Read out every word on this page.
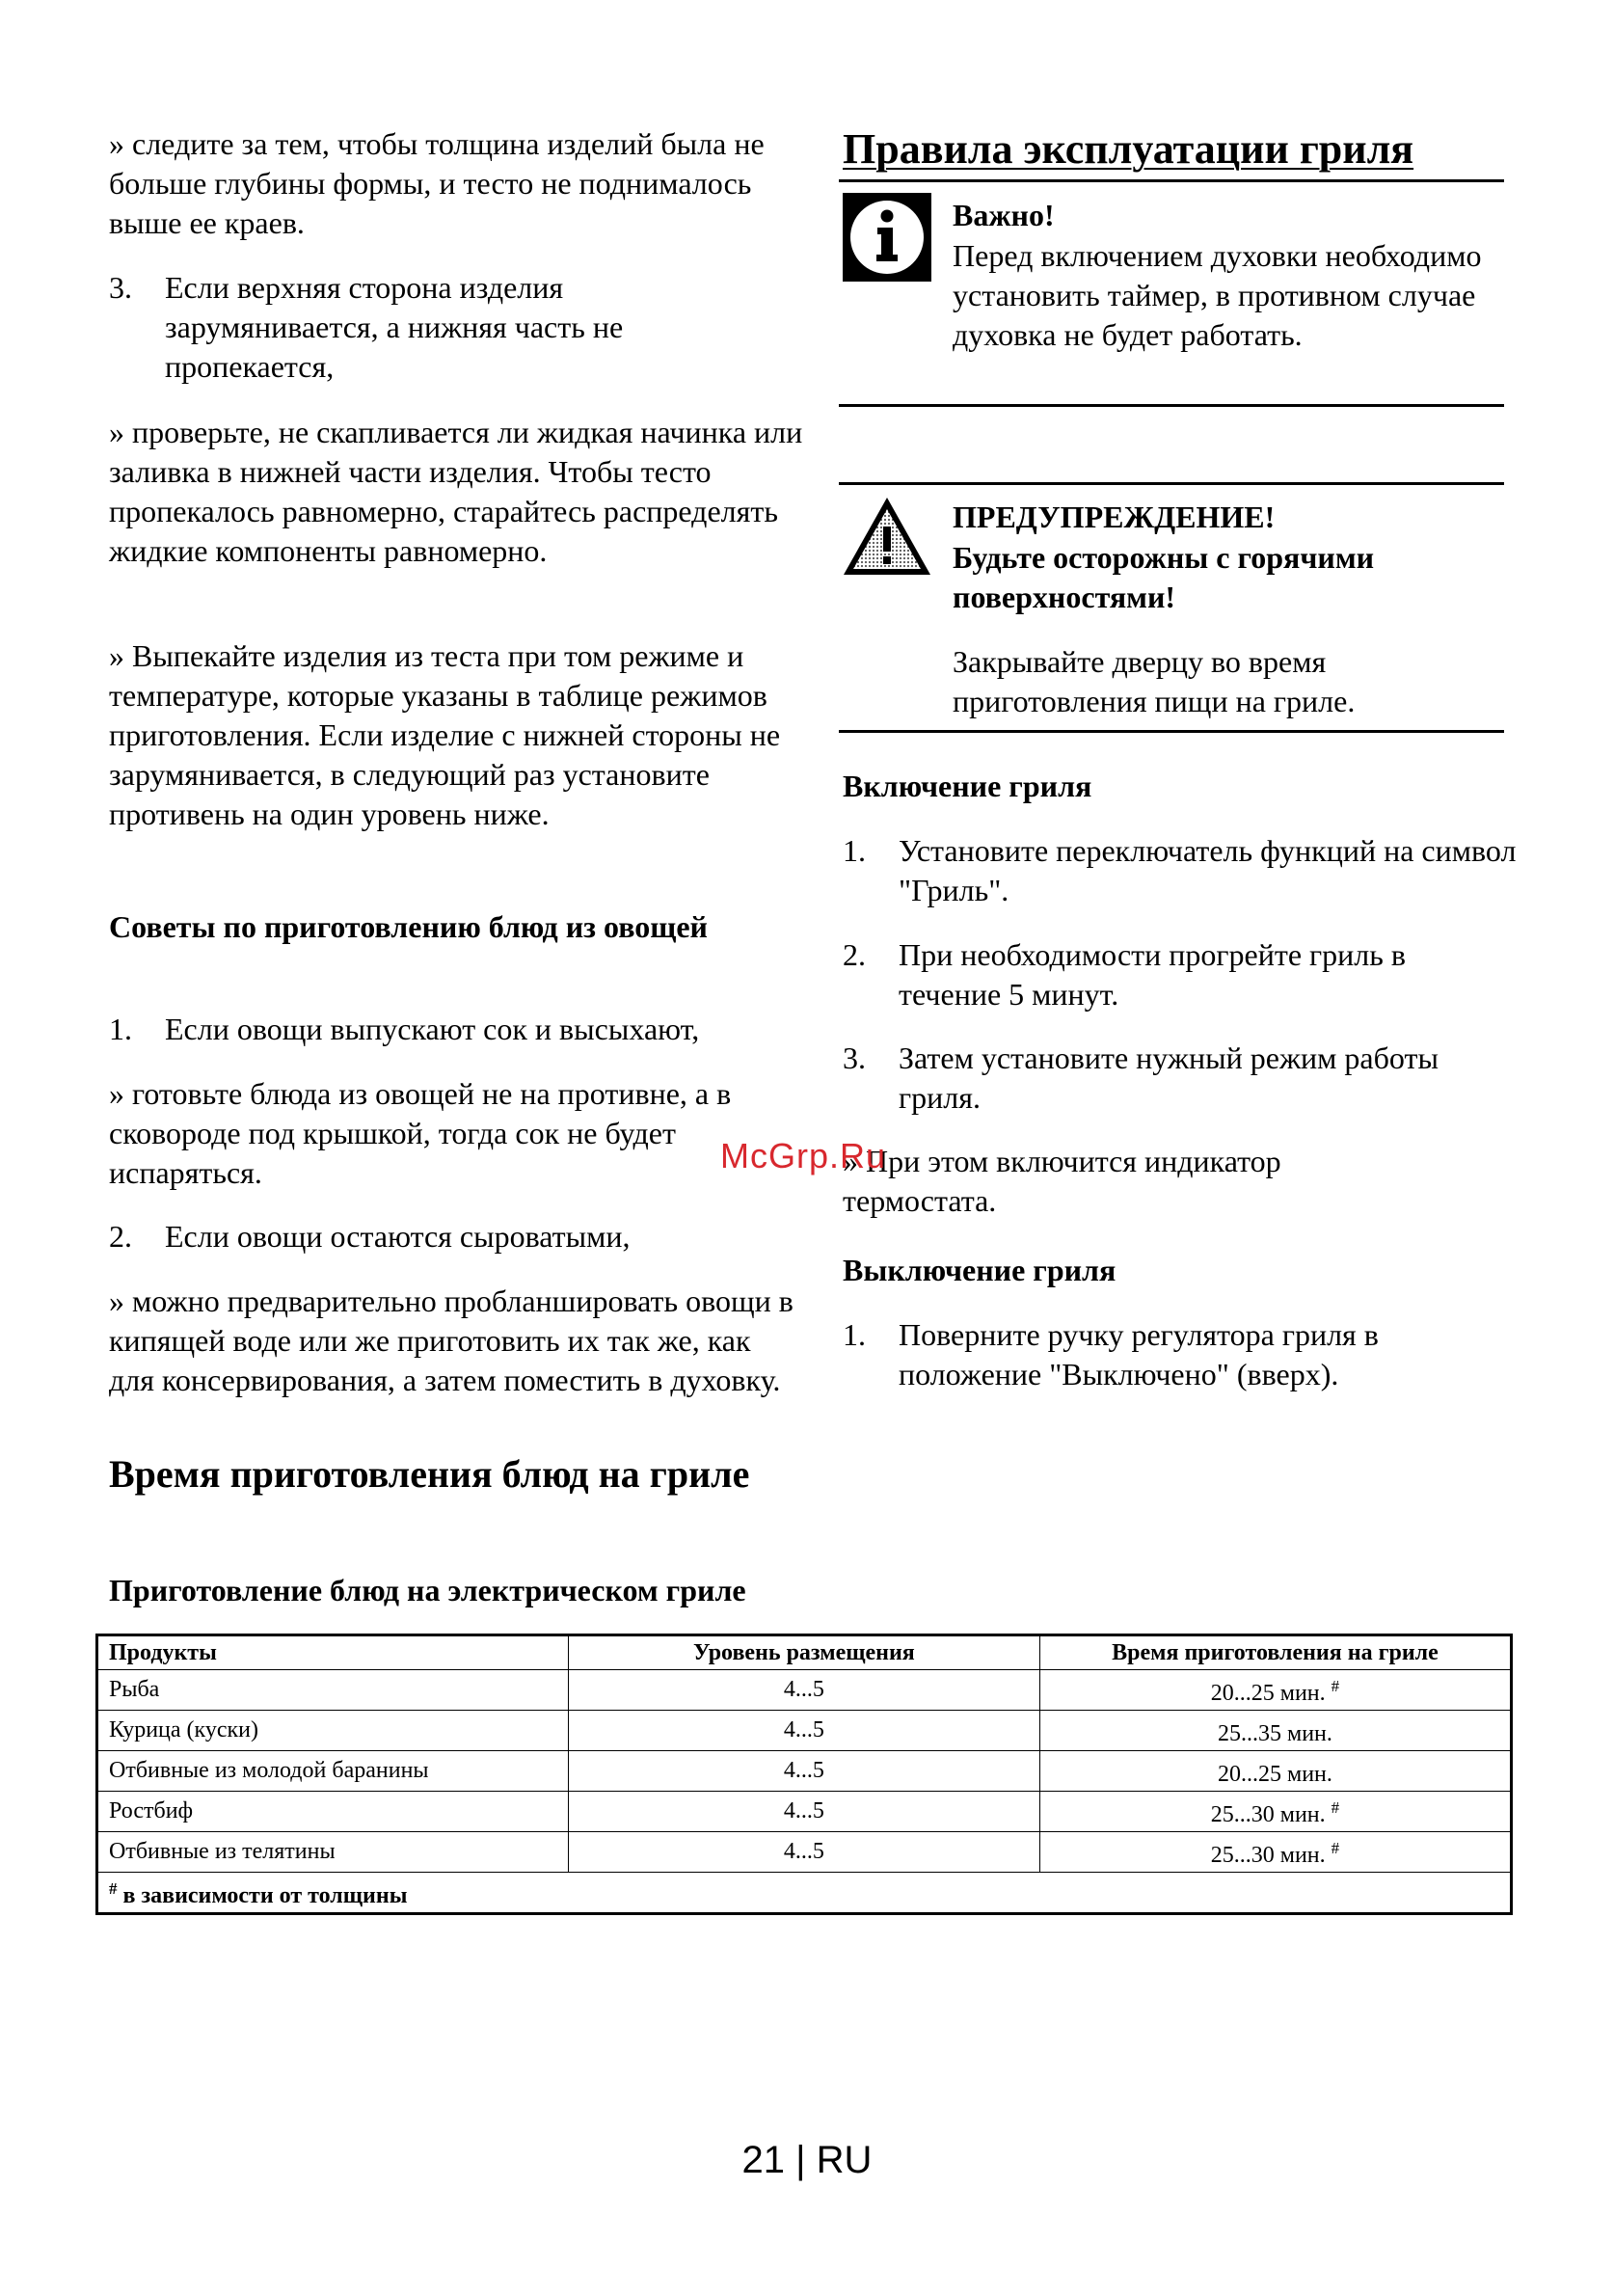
» следите за тем, чтобы толщина изделий была не больше глубины формы, и тесто не поднималось выше ее краев.

3.	Если верхняя сторона изделия зарумянивается, а нижняя часть не пропекается,

» проверьте, не скапливается ли жидкая начинка или заливка в нижней части изделия. Чтобы тесто пропекалось равномерно, старайтесь распределять жидкие компоненты равномерно.

» Выпекайте изделия из теста при том режиме и температуре, которые указаны в таблице режимов приготовления. Если изделие с нижней стороны не зарумянивается, в следующий раз установите противень на один уровень ниже.

Советы по приготовлению блюд из овощей

1.	Если овощи выпускают сок и высыхают,

» готовьте блюда из овощей не на противне, а в сковороде под крышкой, тогда сок не будет испаряться.

2.	Если овощи остаются сыроватыми,

» можно предварительно пробланшировать овощи в кипящей воде или же приготовить их так же, как для консервирования, а затем поместить в духовку.

Правила эксплуатации гриля

Важно!

Перед включением духовки необходимо установить таймер, в противном случае духовка не будет работать.

ПРЕДУПРЕЖДЕНИЕ!

Будьте осторожны с горячими поверхностями!

Закрывайте дверцу во время приготовления пищи на гриле.

Включение гриля

1.	Установите переключатель функций на символ "Гриль".
2.	При необходимости прогрейте гриль в течение 5 минут.
3.	Затем установите нужный режим работы гриля.

» При этом включится индикатор термостата.

Выключение гриля

1.	Поверните ручку регулятора гриля в положение "Выключено" (вверх).
McGrp.Ru
Время приготовления блюд на гриле

Приготовление блюд на электрическом гриле

Продукты	Уровень размещения	Время приготовления на гриле
Рыба	4...5	20...25 мин. #
Курица (куски)	4...5	25...35 мин.
Отбивные из молодой баранины	4...5	20...25 мин.
Ростбиф	4...5	25...30 мин. #
Отбивные из телятины	4...5	25...30 мин. #
# в зависимости от толщины		
21 | RU
